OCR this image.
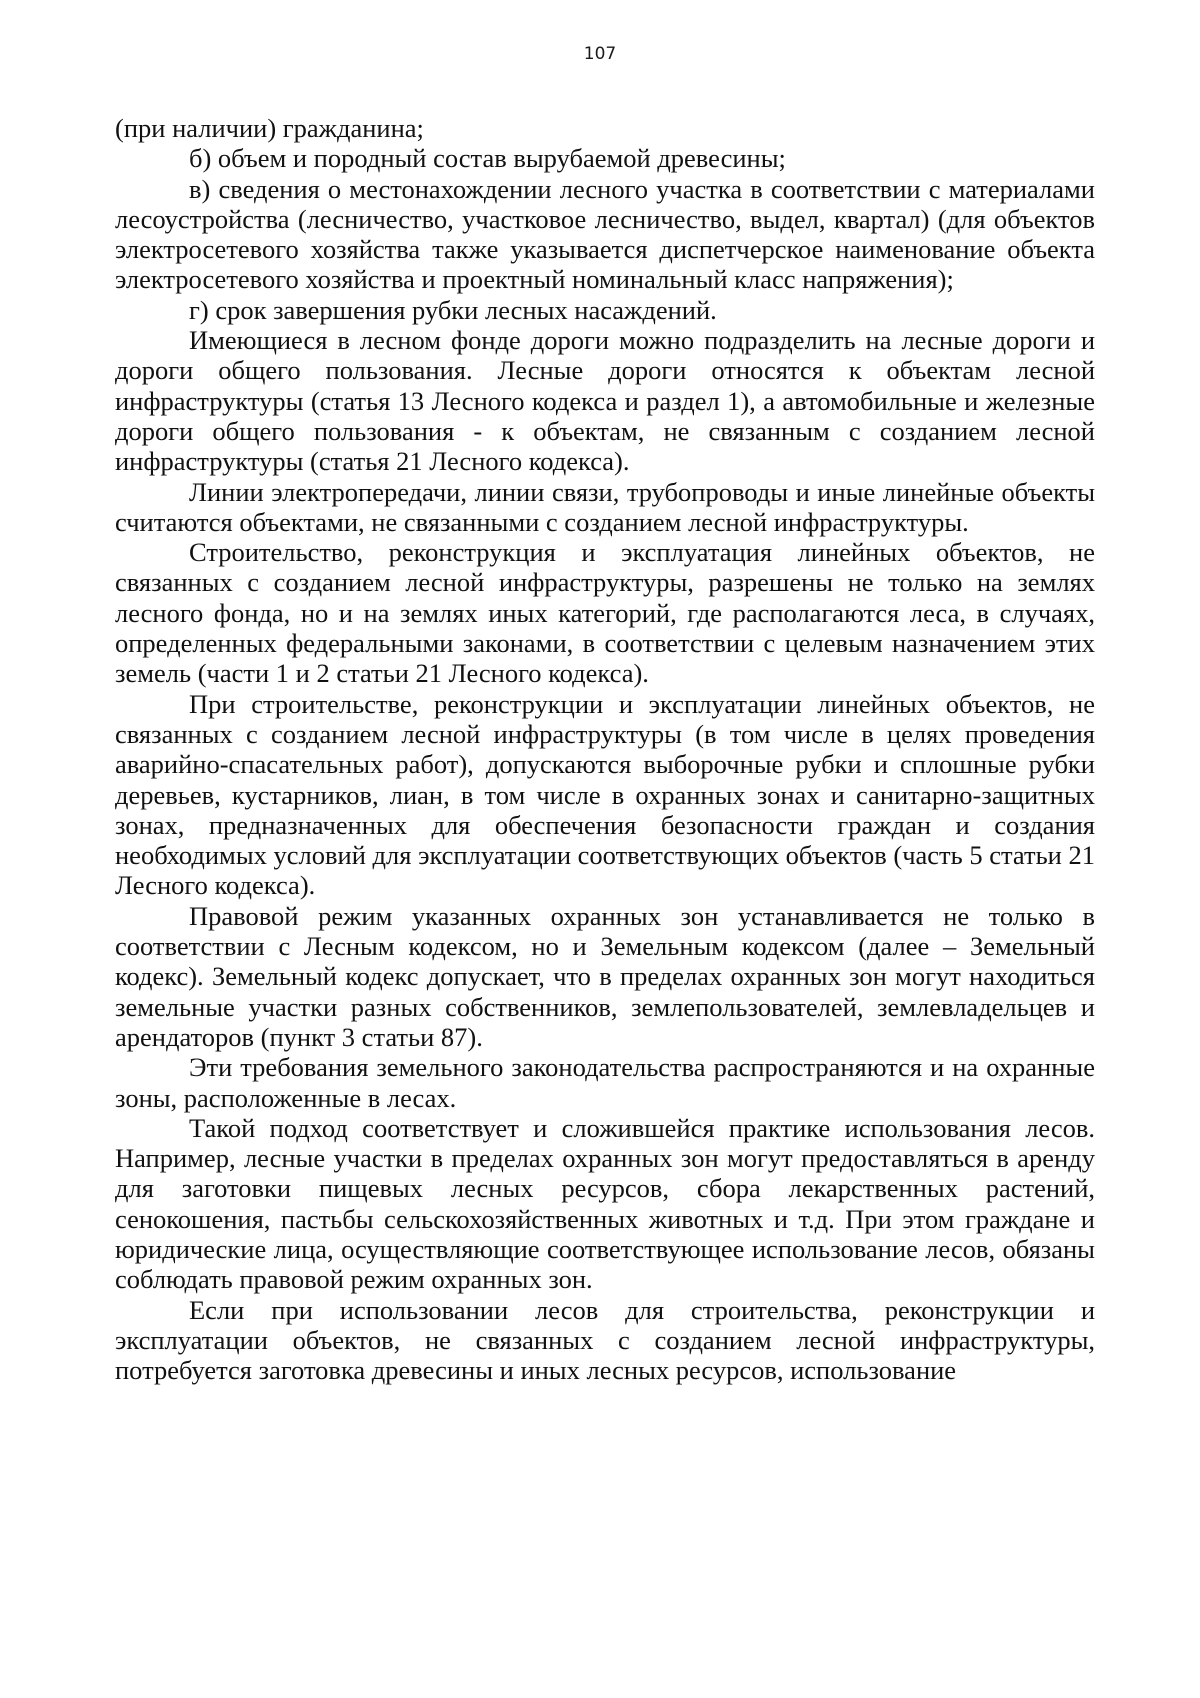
107

(при наличии) гражданина;

б) объем и породный состав вырубаемой древесины;

в) сведения о местонахождении лесного участка в соответствии с материалами лесоустройства (лесничество, участковое лесничество, выдел, квартал) (для объектов электросетевого хозяйства также указывается диспетчерское наименование объекта электросетевого хозяйства и проектный номинальный класс напряжения);

г) срок завершения рубки лесных насаждений.

Имеющиеся в лесном фонде дороги можно подразделить на лесные дороги и дороги общего пользования. Лесные дороги относятся к объектам лесной инфраструктуры (статья 13 Лесного кодекса и раздел 1), а автомобильные и железные дороги общего пользования - к объектам, не связанным с созданием лесной инфраструктуры (статья 21 Лесного кодекса).

Линии электропередачи, линии связи, трубопроводы и иные линейные объекты считаются объектами, не связанными с созданием лесной инфраструктуры.

Строительство, реконструкция и эксплуатация линейных объектов, не связанных с созданием лесной инфраструктуры, разрешены не только на землях лесного фонда, но и на землях иных категорий, где располагаются леса, в случаях, определенных федеральными законами, в соответствии с целевым назначением этих земель (части 1 и 2 статьи 21 Лесного кодекса).

При строительстве, реконструкции и эксплуатации линейных объектов, не связанных с созданием лесной инфраструктуры (в том числе в целях проведения аварийно-спасательных работ), допускаются выборочные рубки и сплошные рубки деревьев, кустарников, лиан, в том числе в охранных зонах и санитарно-защитных зонах, предназначенных для обеспечения безопасности граждан и создания необходимых условий для эксплуатации соответствующих объектов (часть 5 статьи 21 Лесного кодекса).

Правовой режим указанных охранных зон устанавливается не только в соответствии с Лесным кодексом, но и Земельным кодексом (далее – Земельный кодекс). Земельный кодекс допускает, что в пределах охранных зон могут находиться земельные участки разных собственников, землепользователей, землевладельцев и арендаторов (пункт 3 статьи 87).

Эти требования земельного законодательства распространяются и на охранные зоны, расположенные в лесах.

Такой подход соответствует и сложившейся практике использования лесов. Например, лесные участки в пределах охранных зон могут предоставляться в аренду для заготовки пищевых лесных ресурсов, сбора лекарственных растений, сенокошения, пастьбы сельскохозяйственных животных и т.д. При этом граждане и юридические лица, осуществляющие соответствующее использование лесов, обязаны соблюдать правовой режим охранных зон.

Если при использовании лесов для строительства, реконструкции и эксплуатации объектов, не связанных с созданием лесной инфраструктуры, потребуется заготовка древесины и иных лесных ресурсов, использование
